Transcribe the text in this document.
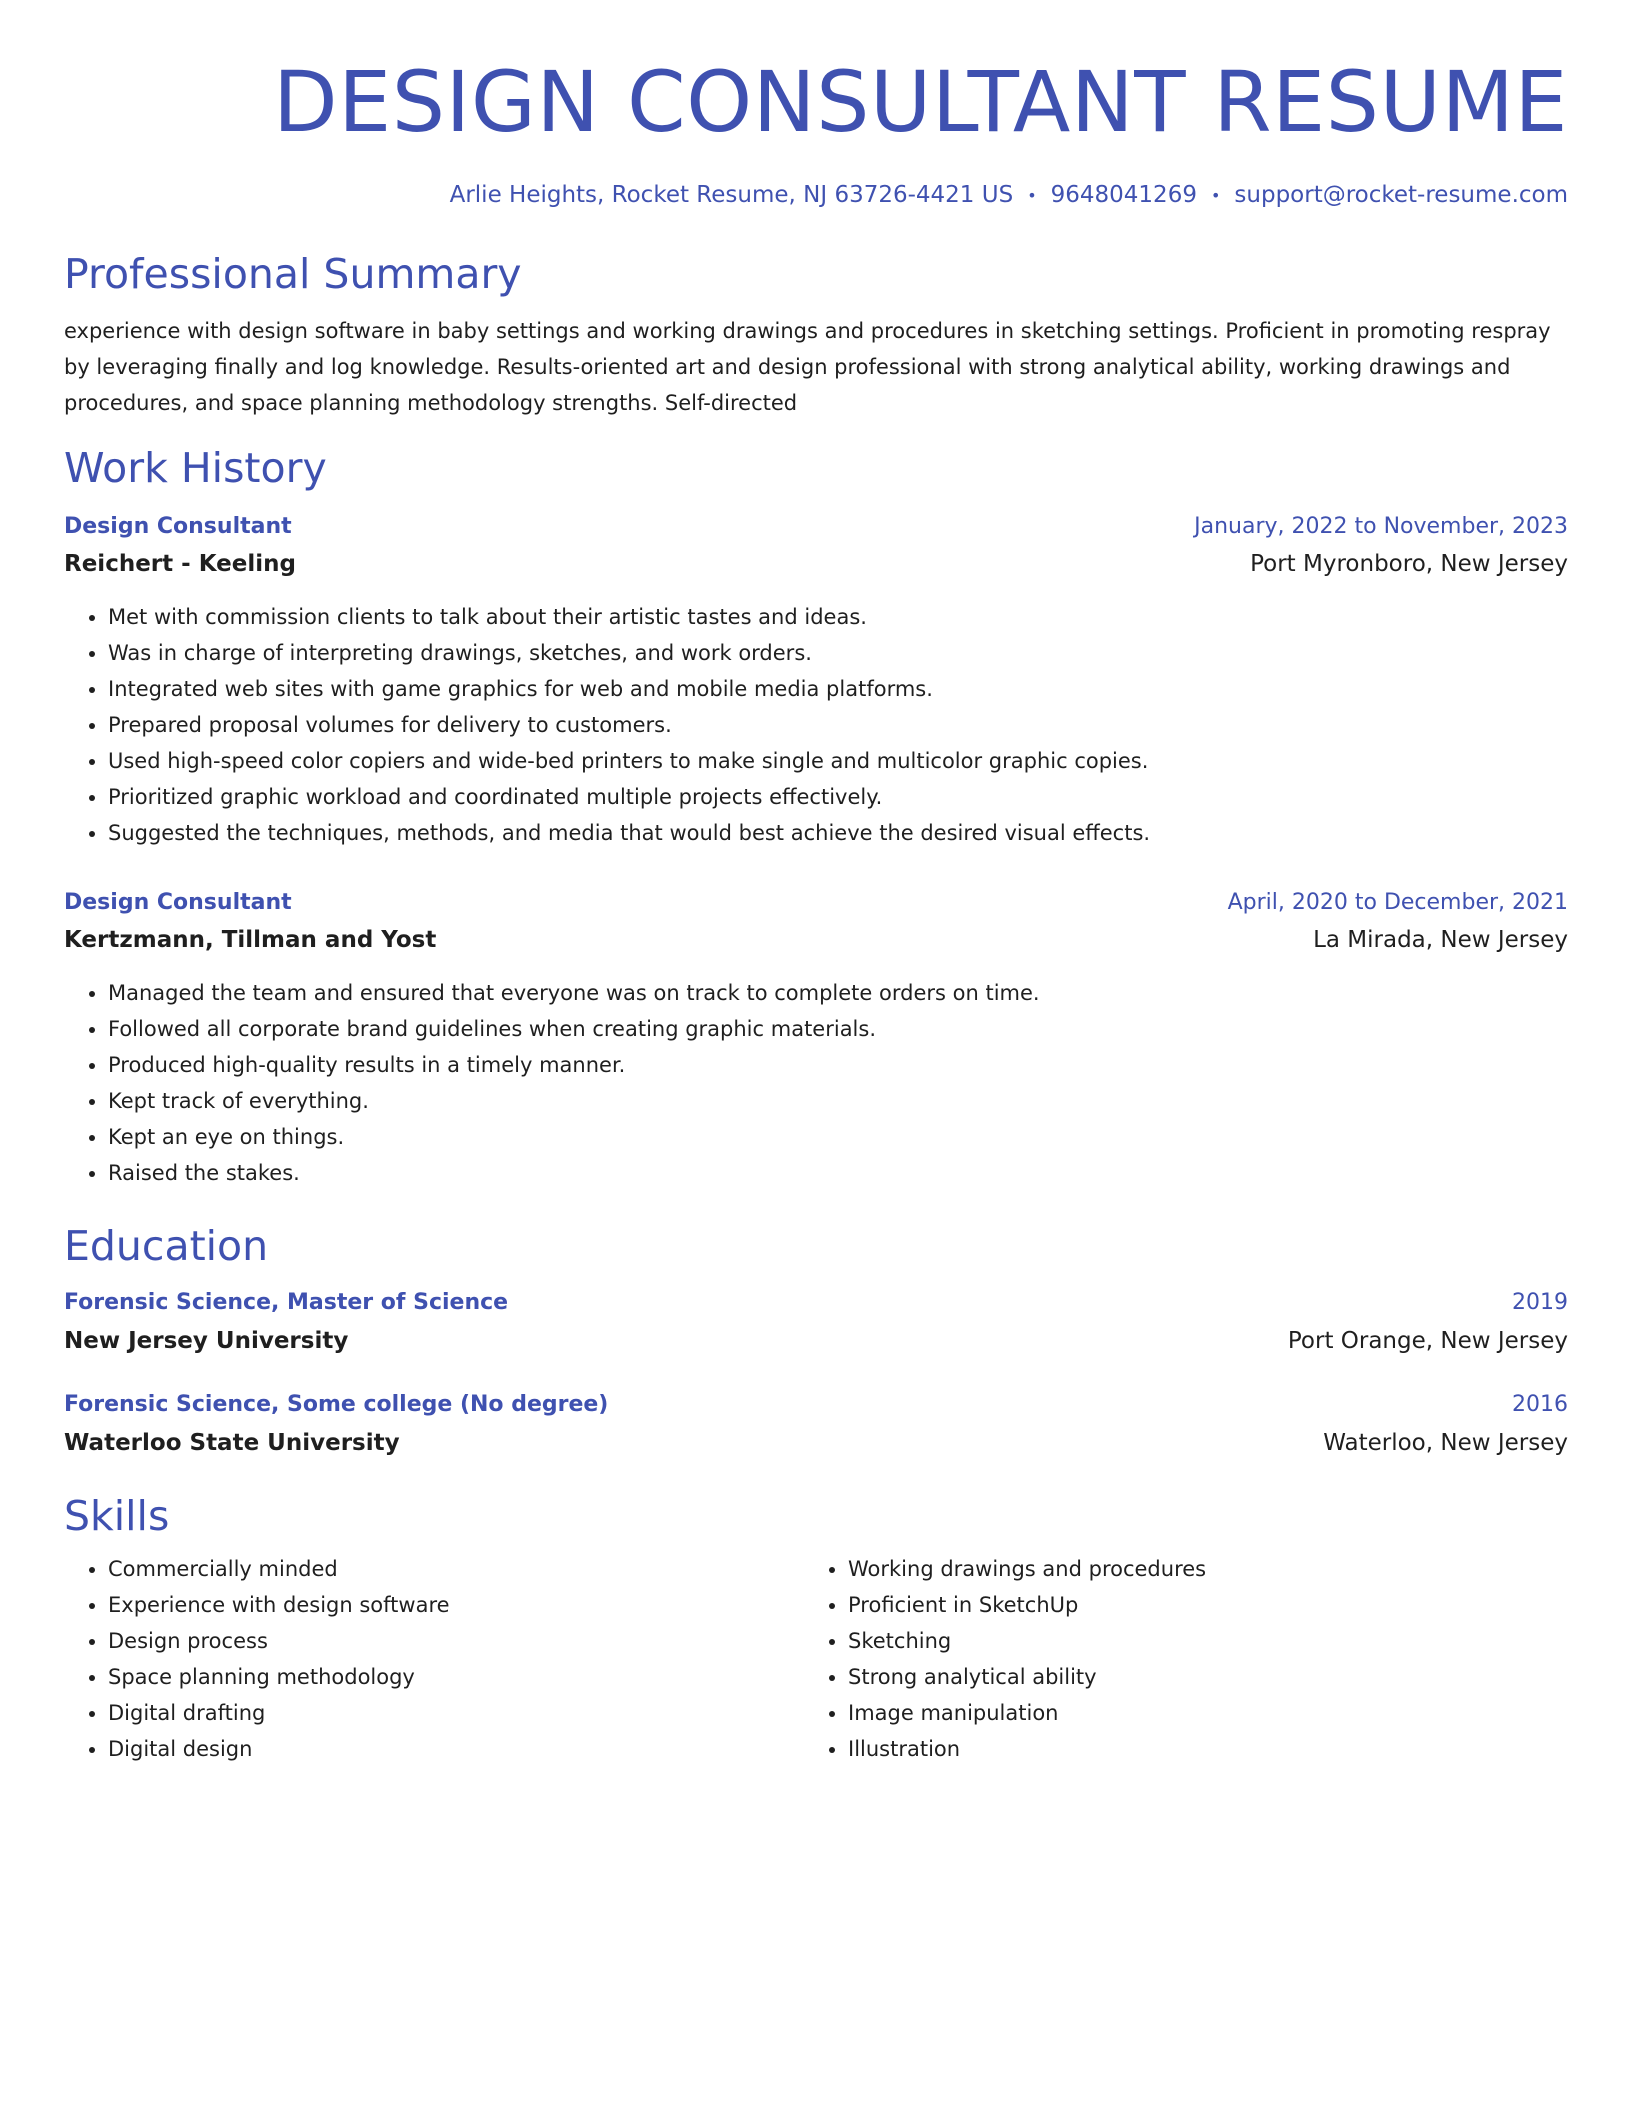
DESIGN CONSULTANT RESUME
Arlie Heights, Rocket Resume, NJ 63726-4421 US • 9648041269 • support@rocket-resume.com
Professional Summary

experience with design software in baby settings and working drawings and procedures in sketching settings. Proficient in promoting respray by leveraging finally and log knowledge. Results-oriented art and design professional with strong analytical ability, working drawings and procedures, and space planning methodology strengths. Self-directed

Work History
Design Consultant	January, 2022 to November, 2023
Reichert - Keeling	Port Myronboro, New Jersey
• Met with commission clients to talk about their artistic tastes and ideas.
• Was in charge of interpreting drawings, sketches, and work orders.
• Integrated web sites with game graphics for web and mobile media platforms.
• Prepared proposal volumes for delivery to customers.
• Used high-speed color copiers and wide-bed printers to make single and multicolor graphic copies.
• Prioritized graphic workload and coordinated multiple projects effectively.
• Suggested the techniques, methods, and media that would best achieve the desired visual effects.
Design Consultant	April, 2020 to December, 2021
Kertzmann, Tillman and Yost	La Mirada, New Jersey
• Managed the team and ensured that everyone was on track to complete orders on time.
• Followed all corporate brand guidelines when creating graphic materials.
• Produced high-quality results in a timely manner.
• Kept track of everything.
• Kept an eye on things.
• Raised the stakes.
Education
Forensic Science, Master of Science	2019
New Jersey University	Port Orange, New Jersey
Forensic Science, Some college (No degree)	2016
Waterloo State University	Waterloo, New Jersey
Skills
• Commercially minded
• Experience with design software
• Design process
• Space planning methodology
• Digital drafting
• Digital design
• Working drawings and procedures
• Proficient in SketchUp
• Sketching
• Strong analytical ability
• Image manipulation
• Illustration
